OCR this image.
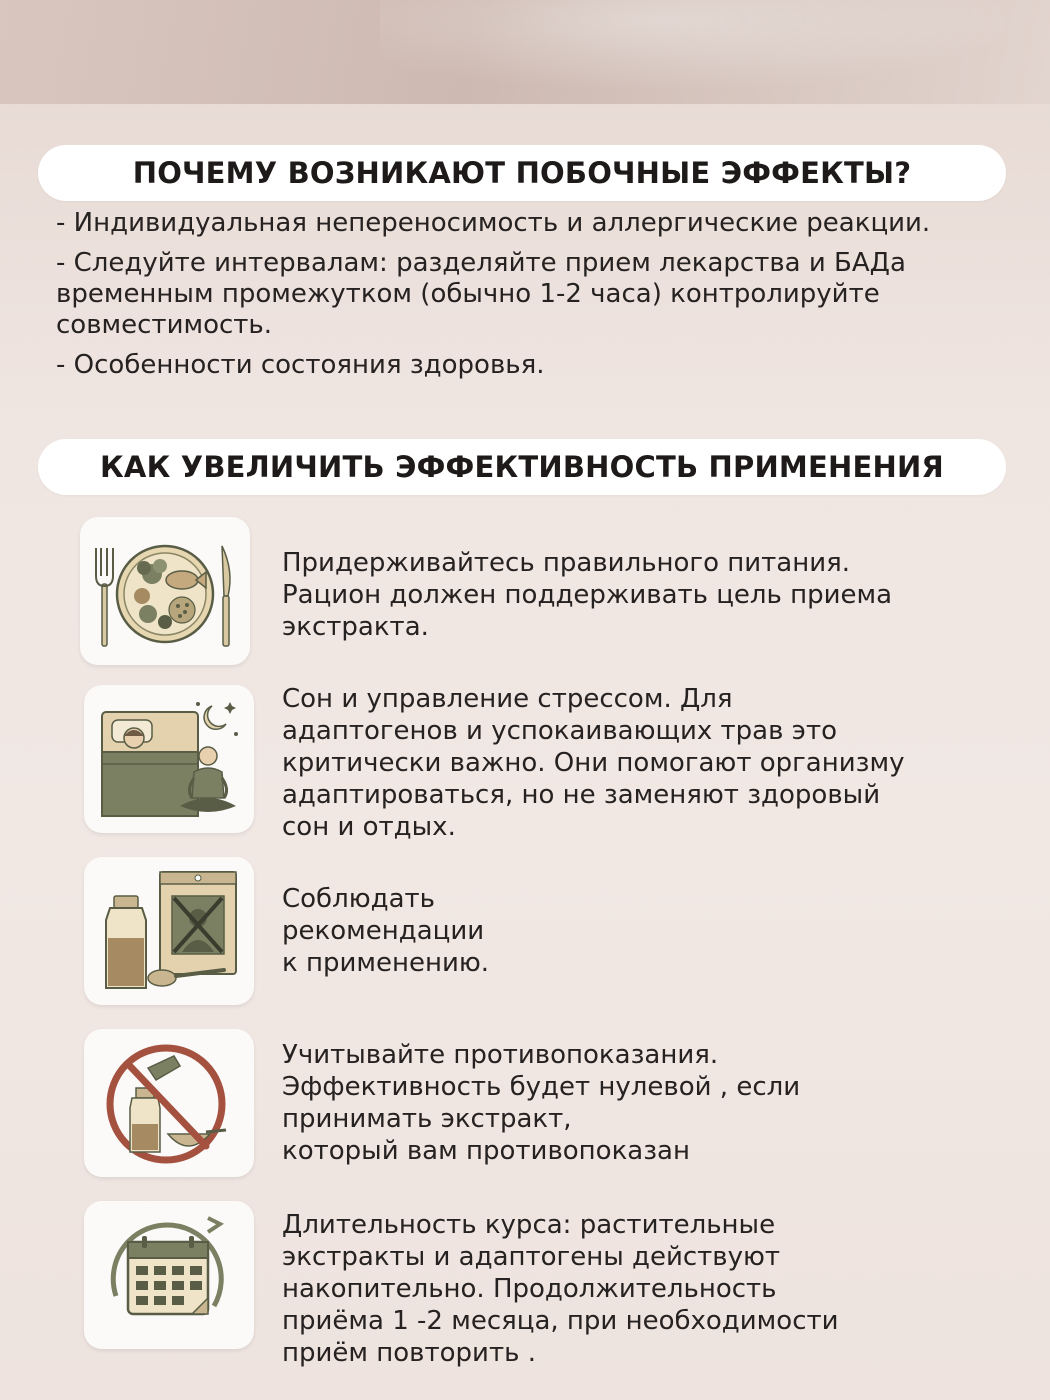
ПОЧЕМУ ВОЗНИКАЮТ ПОБОЧНЫЕ ЭФФЕКТЫ?

- Индивидуальная непереносимость и аллергические реакции.

- Следуйте интервалам: разделяйте прием лекарства и БАДа временным промежутком (обычно 1-2 часа) контролируйте совместимость.

- Особенности состояния здоровья.

КАК УВЕЛИЧИТЬ ЭФФЕКТИВНОСТЬ ПРИМЕНЕНИЯ
Придерживайтесь правильного питания.
Рацион должен поддерживать цель приема
экстракта.
Сон и управление стрессом. Для
адаптогенов и успокаивающих трав это
критически важно. Они помогают организму
адаптироваться, но не заменяют здоровый
сон и отдых.
Соблюдать
рекомендации
к применению.
Учитывайте противопоказания.
Эффективность будет нулевой , если
принимать экстракт,
который вам противопоказан
Длительность курса: растительные
экстракты и адаптогены действуют
накопительно. Продолжительность
приёма 1 -2 месяца, при необходимости
приём повторить .
